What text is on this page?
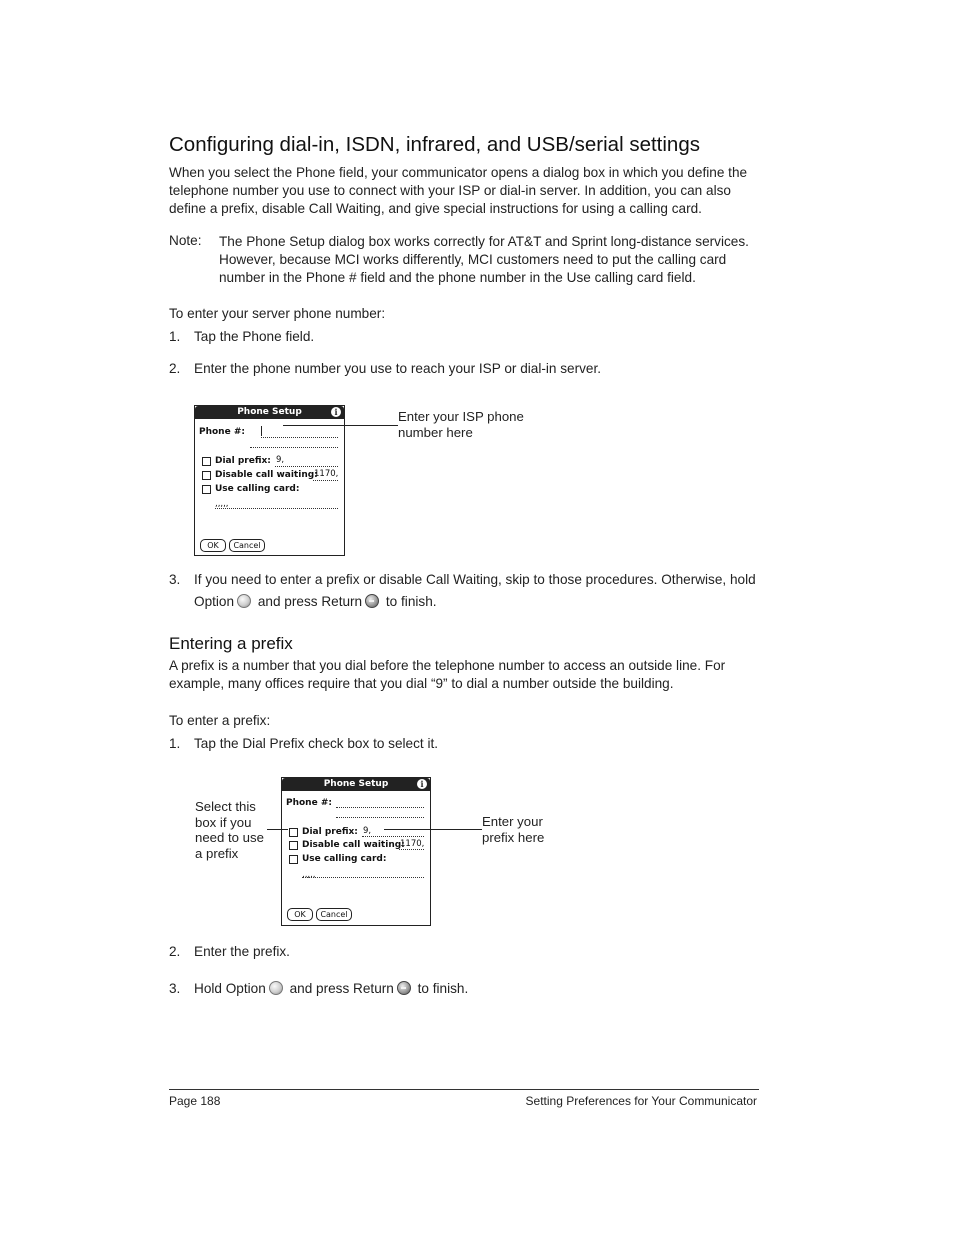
Configuring dial-in, ISDN, infrared, and USB/serial settings
When you select the Phone field, your communicator opens a dialog box in which you define the
telephone number you use to connect with your ISP or dial-in server. In addition, you can also
define a prefix, disable Call Waiting, and give special instructions for using a calling card.
Note: The Phone Setup dialog box works correctly for AT&T and Sprint long-distance services.
However, because MCI works differently, MCI customers need to put the calling card
number in the Phone # field and the phone number in the Use calling card field.
To enter your server phone number:
1. Tap the Phone field.
2. Enter the phone number you use to reach your ISP or dial-in server.
Phone Setup	i
Phone #:
Dial prefix: 9,
Disable call waiting:
1170,
Use calling card:
,,,,,
OK	Cancel
Enter your ISP phone
number here
3. If you need to enter a prefix or disable Call Waiting, skip to those procedures. Otherwise, hold
Option and press Return to finish.
Entering a prefix
A prefix is a number that you dial before the telephone number to access an outside line. For
example, many offices require that you dial “9” to dial a number outside the building.
To enter a prefix:
1. Tap the Dial Prefix check box to select it.
Phone Setup	i
Phone #:
Dial prefix: 9,
Disable call waiting:
1170,
Use calling card:
,,,,,
OK	Cancel
Select this
box if you
need to use
a prefix
Enter your
prefix here
2. Enter the prefix.
3. Hold Option and press Return to finish.
Page 188	Setting Preferences for Your Communicator
